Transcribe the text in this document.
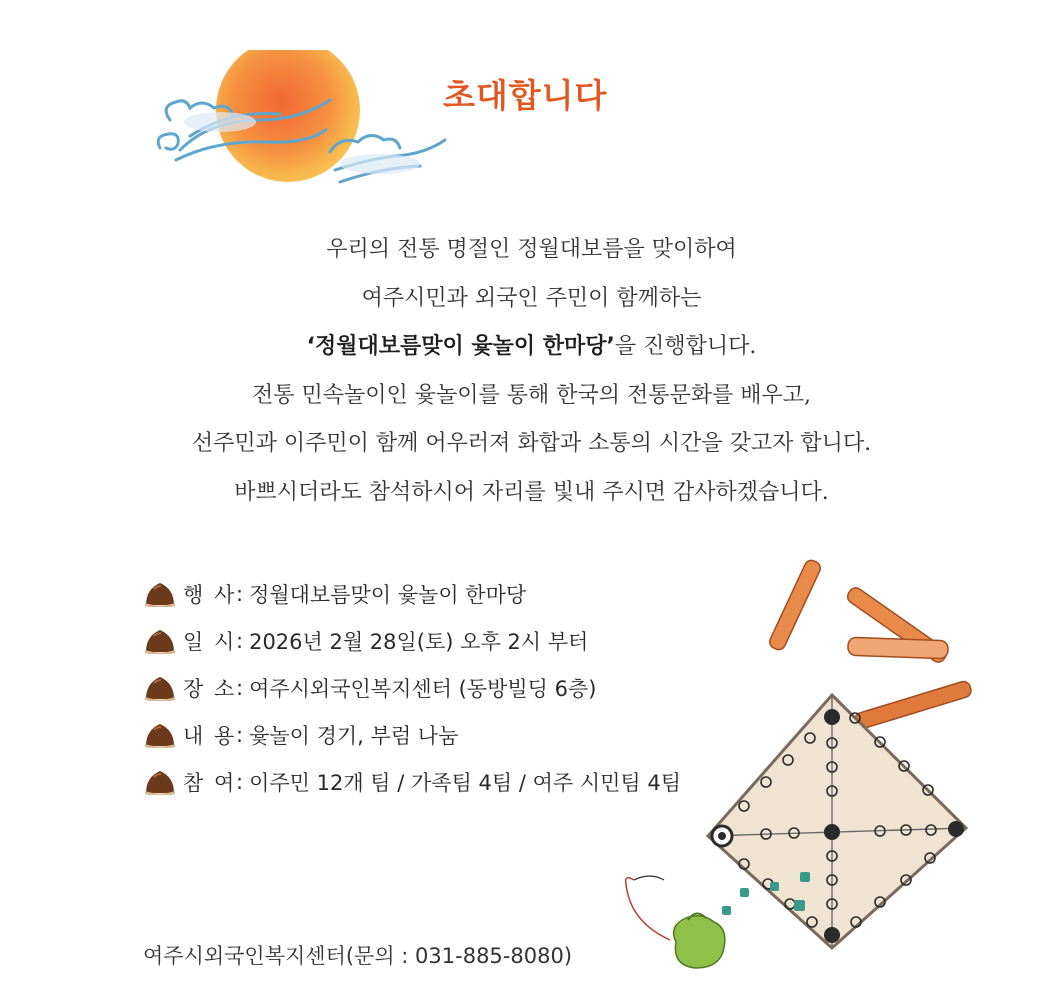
초대합니다
우리의 전통 명절인 정월대보름을 맞이하여
여주시민과 외국인 주민이 함께하는
‘정월대보름맞이 윷놀이 한마당’을 진행합니다.
전통 민속놀이인 윷놀이를 통해 한국의 전통문화를 배우고,
선주민과 이주민이 함께 어우러져 화합과 소통의 시간을 갖고자 합니다.
바쁘시더라도 참석하시어 자리를 빛내 주시면 감사하겠습니다.
행 사 : 정월대보름맞이 윷놀이 한마당
일 시 : 2026년 2월 28일(토) 오후 2시 부터
장 소 : 여주시외국인복지센터 (동방빌딩 6층)
내 용 : 윷놀이 경기, 부럼 나눔
참 여 : 이주민 12개 팀 / 가족팀 4팀 / 여주 시민팀 4팀
여주시외국인복지센터(문의 : 031-885-8080)
